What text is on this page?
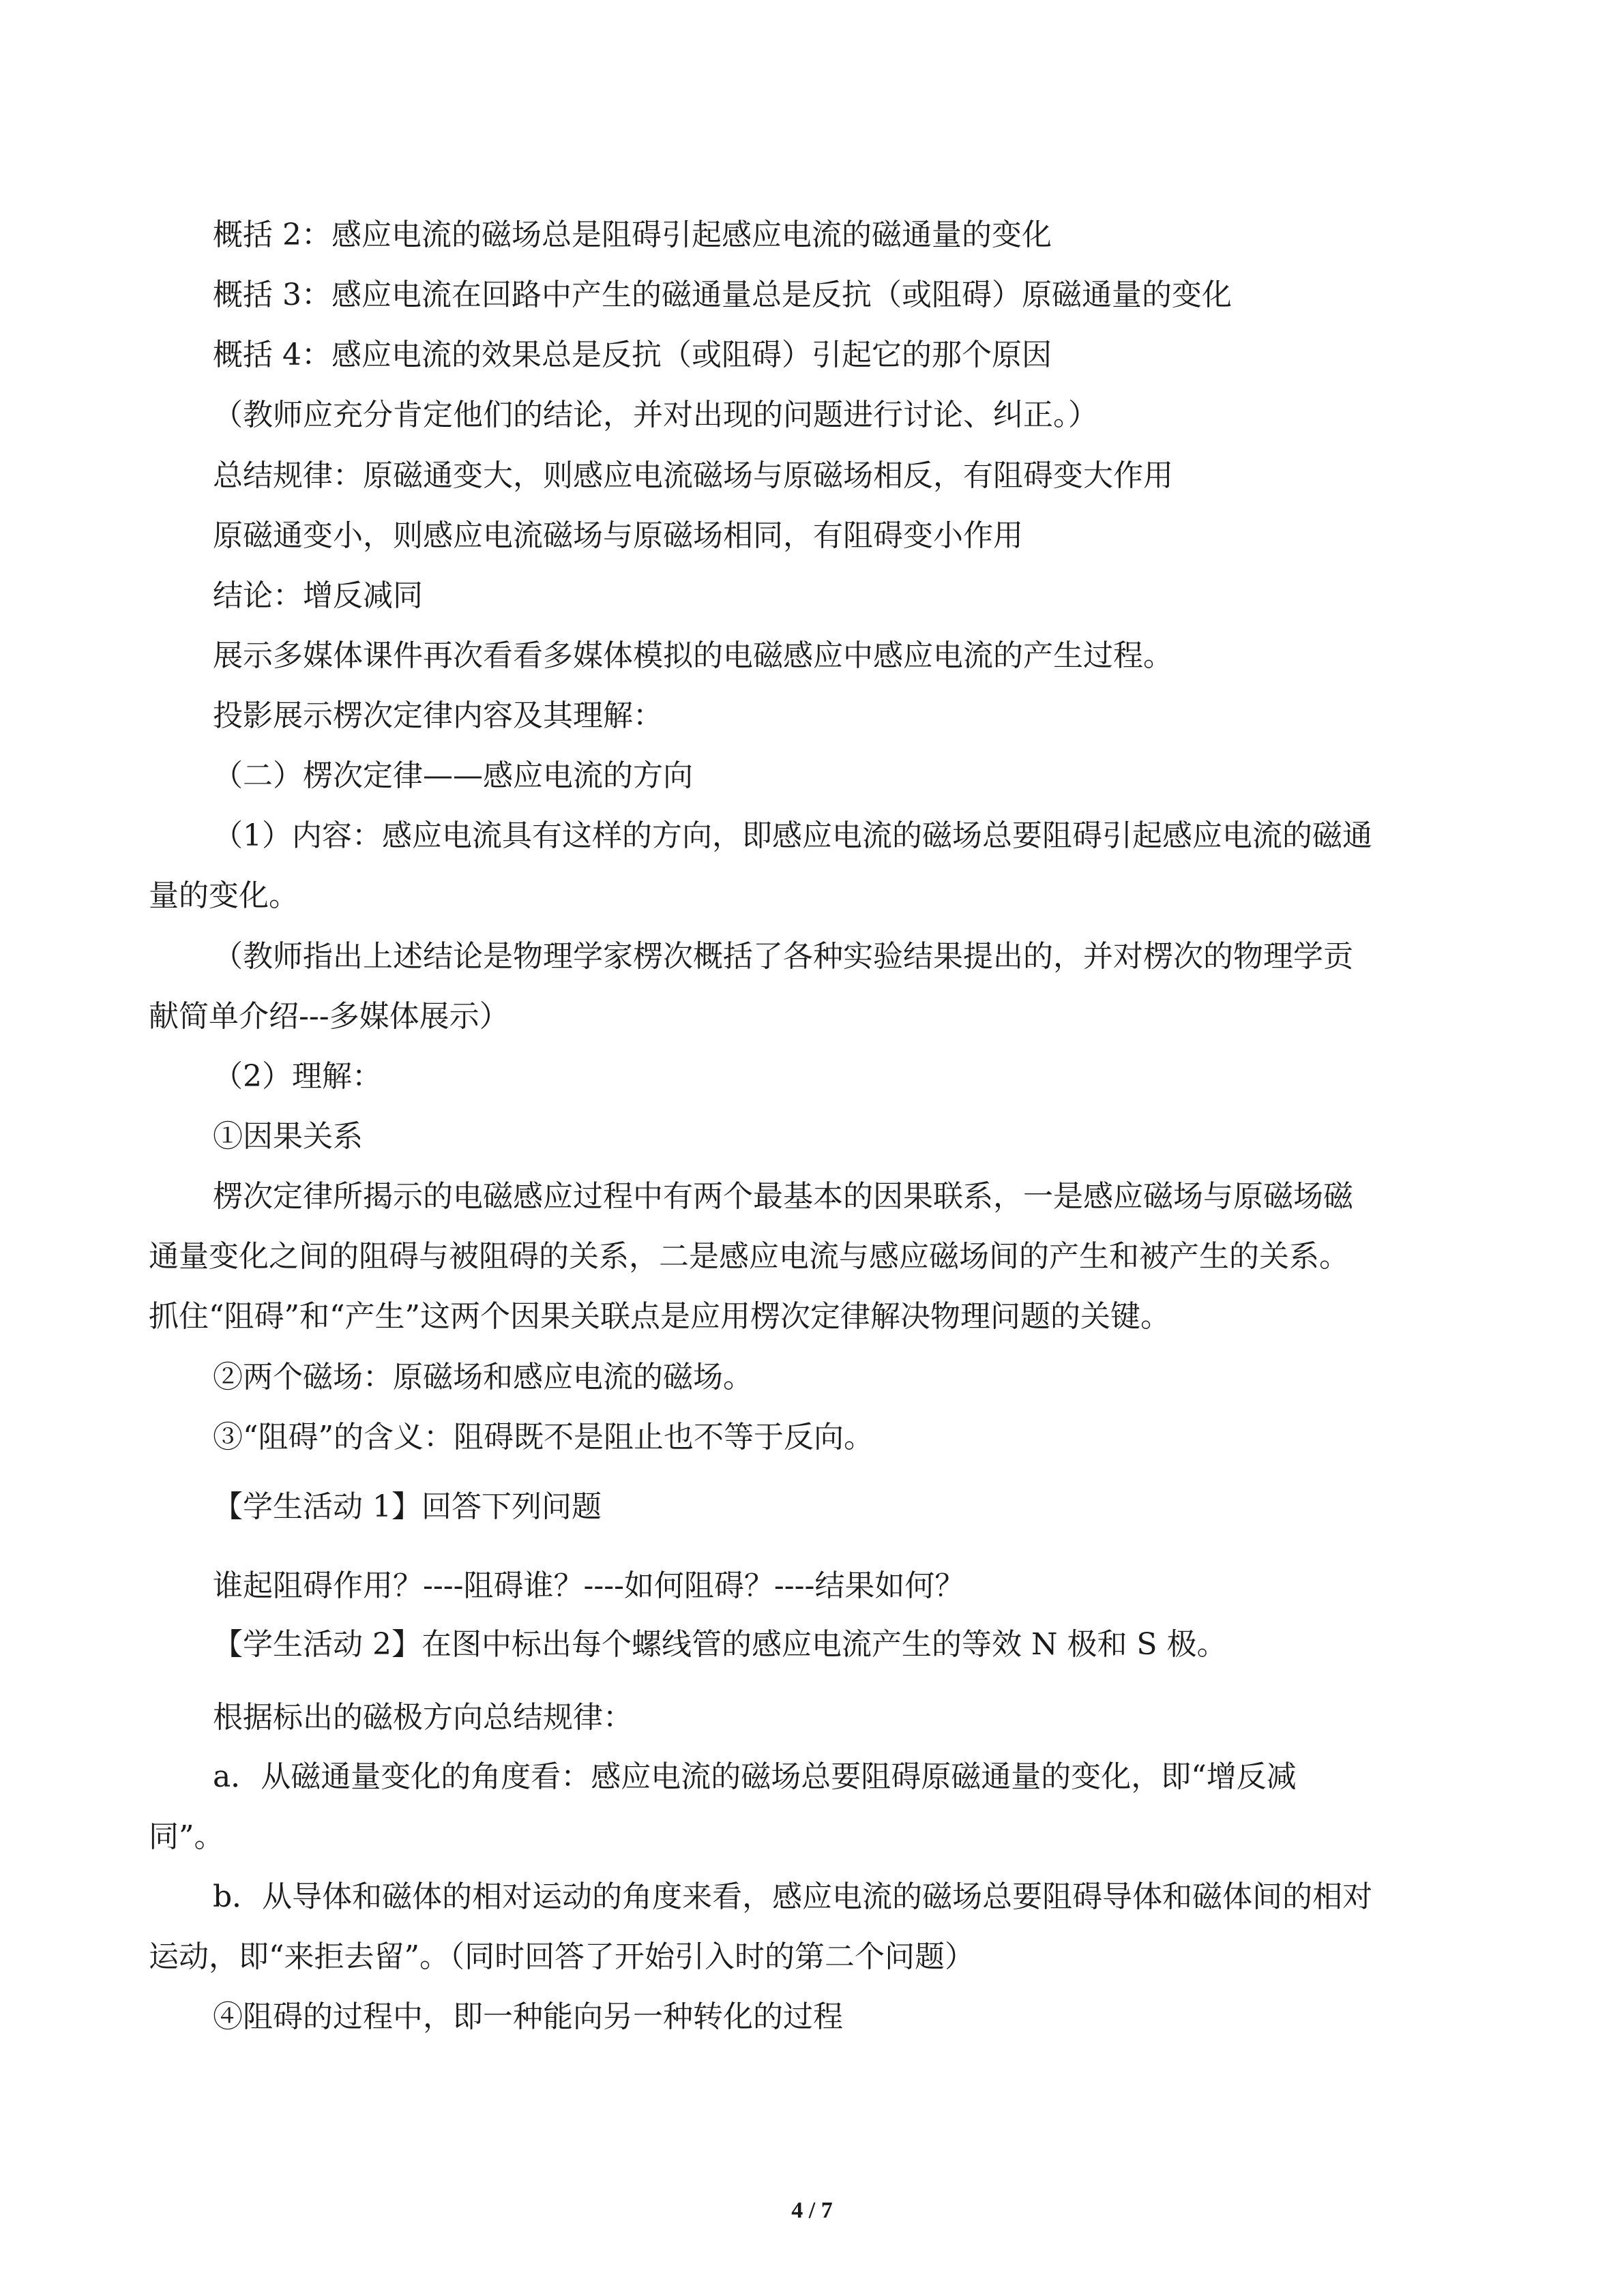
概括 2：感应电流的磁场总是阻碍引起感应电流的磁通量的变化
概括 3：感应电流在回路中产生的磁通量总是反抗（或阻碍）原磁通量的变化
概括 4：感应电流的效果总是反抗（或阻碍）引起它的那个原因
（教师应充分肯定他们的结论，并对出现的问题进行讨论、纠正。）
总结规律：原磁通变大，则感应电流磁场与原磁场相反，有阻碍变大作用
原磁通变小，则感应电流磁场与原磁场相同，有阻碍变小作用
结论：增反减同
展示多媒体课件再次看看多媒体模拟的电磁感应中感应电流的产生过程。
投影展示楞次定律内容及其理解：
（二）楞次定律——感应电流的方向
（1）内容：感应电流具有这样的方向，即感应电流的磁场总要阻碍引起感应电流的磁通
量的变化。
（教师指出上述结论是物理学家楞次概括了各种实验结果提出的，并对楞次的物理学贡
献简单介绍---多媒体展示）
（2）理解：
①因果关系
楞次定律所揭示的电磁感应过程中有两个最基本的因果联系，一是感应磁场与原磁场磁
通量变化之间的阻碍与被阻碍的关系，二是感应电流与感应磁场间的产生和被产生的关系。
抓住“阻碍”和“产生”这两个因果关联点是应用楞次定律解决物理问题的关键。
②两个磁场：原磁场和感应电流的磁场。
③“阻碍”的含义：阻碍既不是阻止也不等于反向。
【学生活动 1】回答下列问题
谁起阻碍作用？----阻碍谁？----如何阻碍？----结果如何？
【学生活动 2】在图中标出每个螺线管的感应电流产生的等效 N 极和 S 极。
根据标出的磁极方向总结规律：
a．从磁通量变化的角度看：感应电流的磁场总要阻碍原磁通量的变化，即“增反减
同”。
b．从导体和磁体的相对运动的角度来看，感应电流的磁场总要阻碍导体和磁体间的相对
运动，即“来拒去留”。（同时回答了开始引入时的第二个问题）
④阻碍的过程中，即一种能向另一种转化的过程
4 / 7
